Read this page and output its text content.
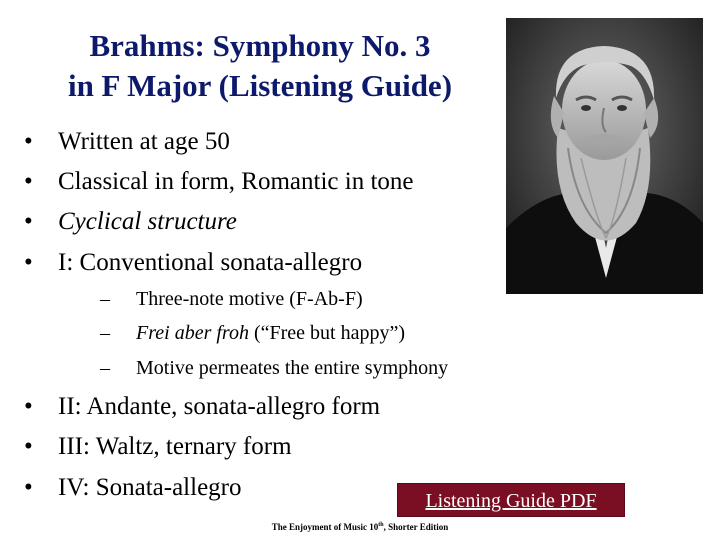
Brahms: Symphony No. 3
in F Major (Listening Guide)
• Written at age 50
• Classical in form, Romantic in tone
• Cyclical structure
• I: Conventional sonata-allegro
– Three-note motive (F-Ab-F)
– Frei aber froh (“Free but happy”)
– Motive permeates the entire symphony
• II: Andante, sonata-allegro form
• III: Waltz, ternary form
• IV: Sonata-allegro	Listening Guide PDF
The Enjoyment of Music 10th, Shorter Edition
